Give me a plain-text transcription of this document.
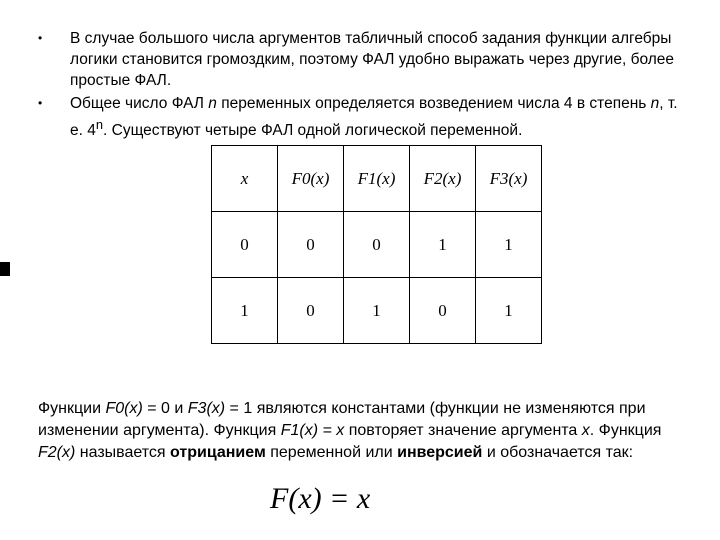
• В случае большого числа аргументов табличный способ задания функции алгебры логики становится громоздким, поэтому ФАЛ удобно выражать через другие, более простые ФАЛ.
• Общее число ФАЛ n переменных определяется возведением числа 4 в степень n, т. е. 4$^n$. Существуют четыре ФАЛ одной логической переменной.
x	F0(x)	F1(x)	F2(x)	F3(x)
0	0	0	1	1
1	0	1	0	1

Функции F0(x) = 0 и F3(x) = 1 являются константами (функции не изменяются при изменении аргумента). Функция F1(x) = x повторяет значение аргумента x. Функция F2(x) называется отрицанием переменной или инверсией и обозначается так:

F(x) = x
